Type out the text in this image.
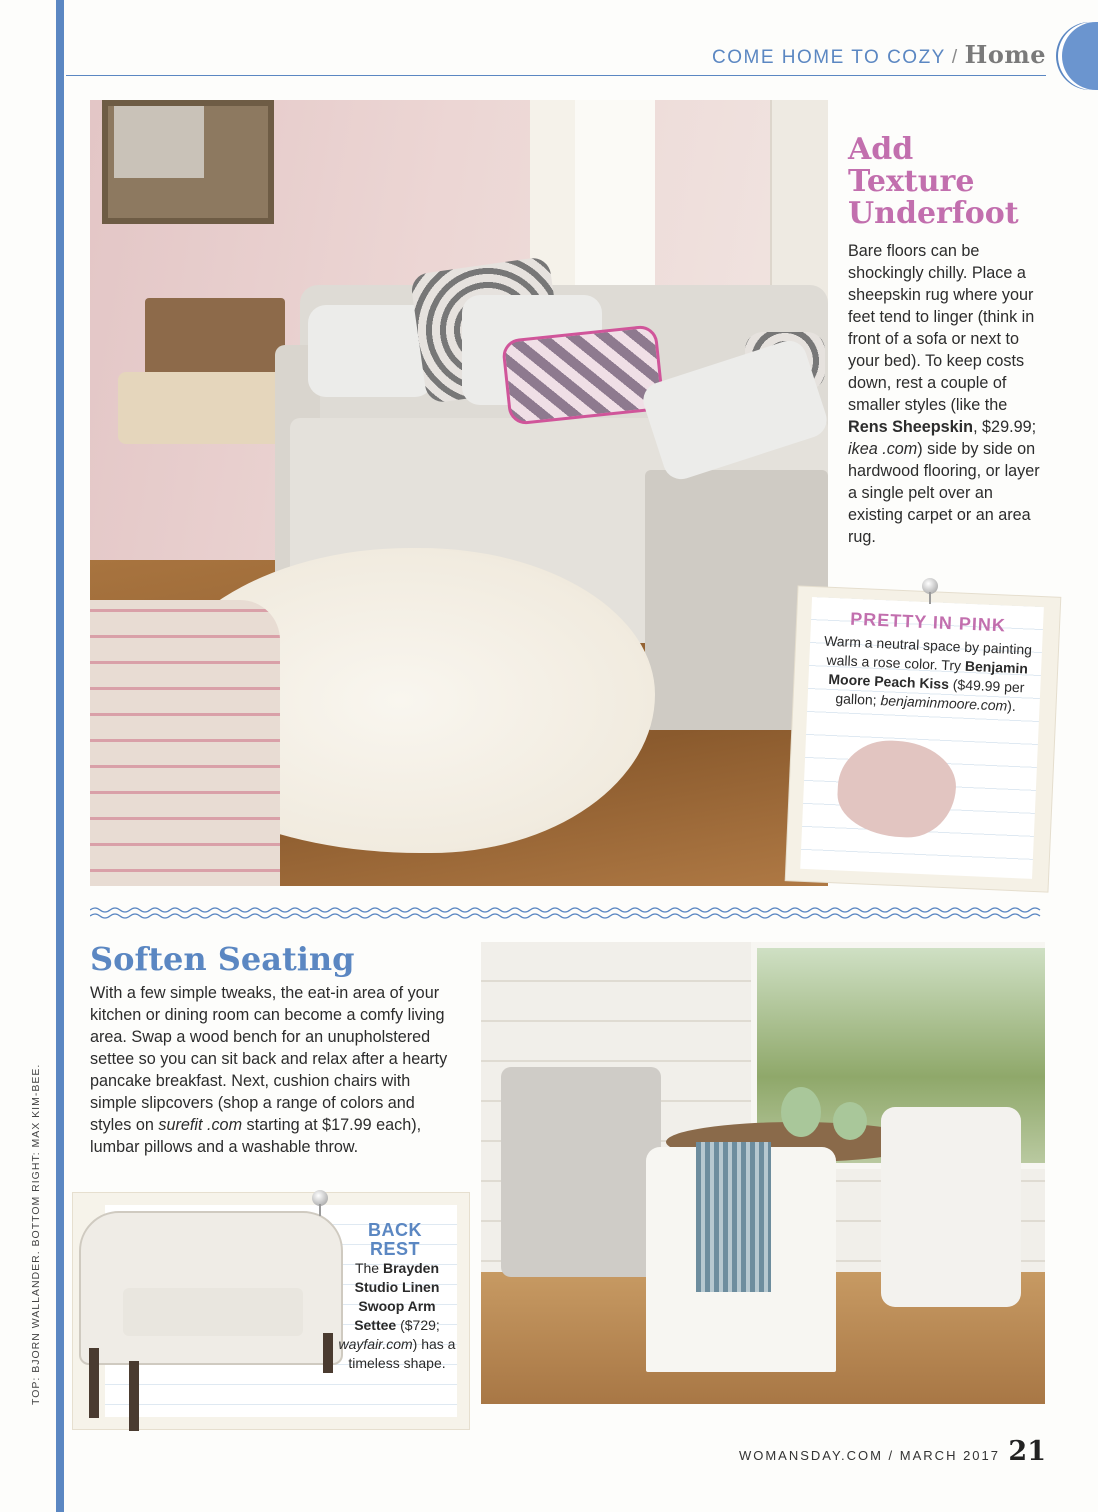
COME HOME TO COZY / Home
Add
Texture
Underfoot

Bare floors can be shockingly chilly. Place a sheepskin rug where your feet tend to linger (think in front of a sofa or next to your bed). To keep costs down, rest a couple of smaller styles (like the Rens Sheepskin, $29.99; ikea .com) side by side on hardwood flooring, or layer a single pelt over an existing carpet or an area rug.

PRETTY IN PINK
Warm a neutral space by painting walls a rose color. Try Benjamin Moore Peach Kiss ($49.99 per gallon; benjaminmoore.com).
Soften Seating

With a few simple tweaks, the eat-in area of your kitchen or dining room can become a comfy living area. Swap a wood bench for an unupholstered settee so you can sit back and relax after a hearty pancake breakfast. Next, cushion chairs with simple slipcovers (shop a range of colors and styles on surefit .com starting at $17.99 each), lumbar pillows and a washable throw.

BACK
REST
The Brayden Studio Linen Swoop Arm Settee ($729; wayfair.com) has a timeless shape.
TOP: BJORN WALLANDER. BOTTOM RIGHT: MAX KIM-BEE.
WOMANSDAY.COM / MARCH 2017 21
